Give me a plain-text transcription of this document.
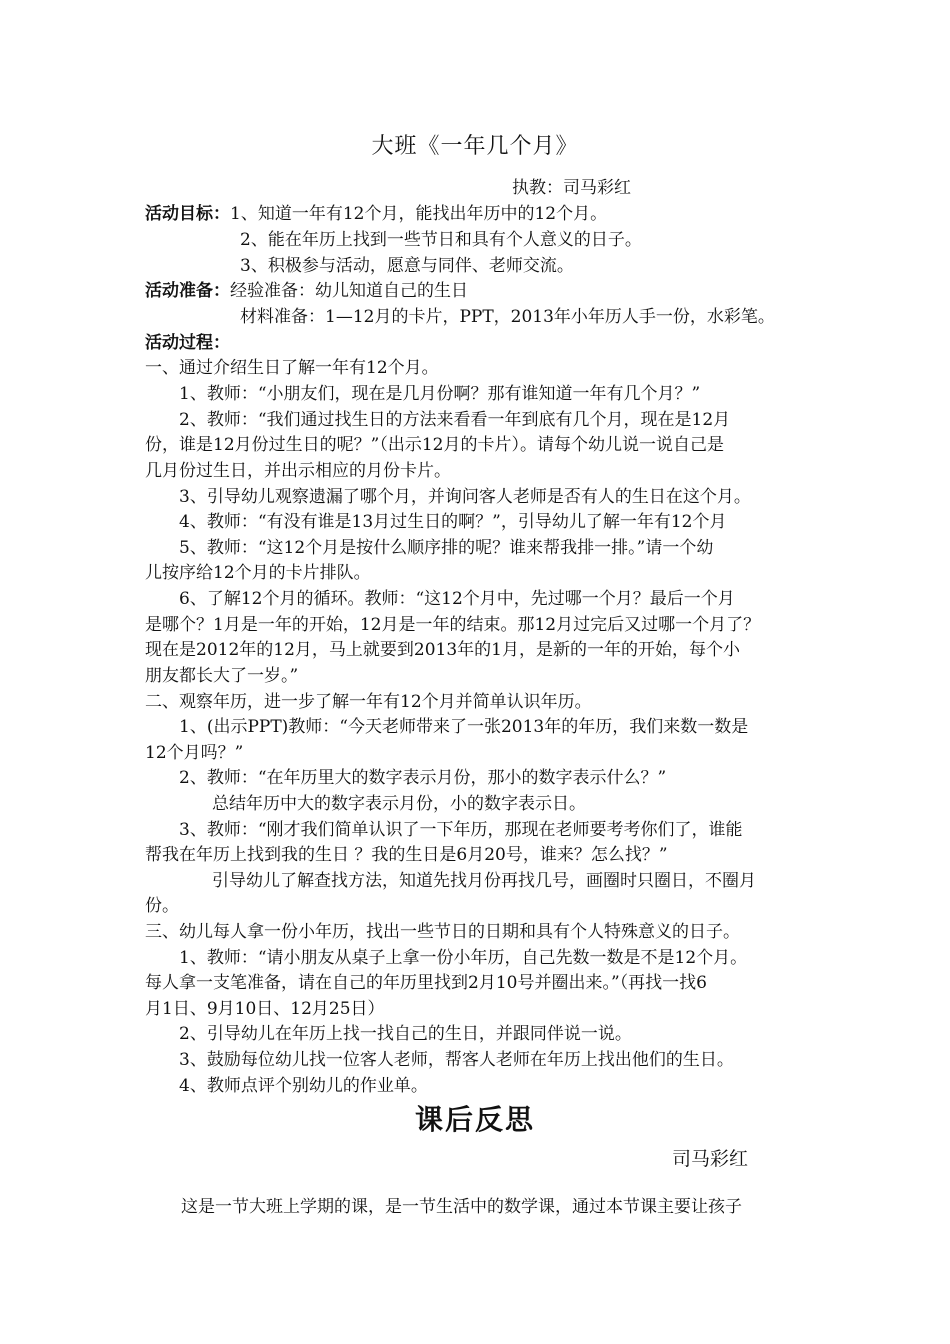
大班《一年几个月》
执教：司马彩红
活动目标：1、知道一年有12个月，能找出年历中的12个月。
2、能在年历上找到一些节日和具有个人意义的日子。
3、积极参与活动，愿意与同伴、老师交流。
活动准备：经验准备：幼儿知道自己的生日
材料准备：1—12月的卡片，PPT，2013年小年历人手一份，水彩笔。
活动过程：
一、通过介绍生日了解一年有12个月。
1、教师：“小朋友们，现在是几月份啊？那有谁知道一年有几个月？”
2、教师：“我们通过找生日的方法来看看一年到底有几个月，现在是12月
份，谁是12月份过生日的呢？”（出示12月的卡片）。请每个幼儿说一说自己是
几月份过生日，并出示相应的月份卡片。
3、引导幼儿观察遗漏了哪个月，并询问客人老师是否有人的生日在这个月。
4、教师：“有没有谁是13月过生日的啊？”，引导幼儿了解一年有12个月
5、教师：“这12个月是按什么顺序排的呢？谁来帮我排一排。”请一个幼
儿按序给12个月的卡片排队。
6、了解12个月的循环。教师：“这12个月中，先过哪一个月？最后一个月
是哪个？1月是一年的开始，12月是一年的结束。那12月过完后又过哪一个月了？
现在是2012年的12月，马上就要到2013年的1月，是新的一年的开始，每个小
朋友都长大了一岁。”
二、观察年历，进一步了解一年有12个月并简单认识年历。
1、(出示PPT)教师：“今天老师带来了一张2013年的年历，我们来数一数是
12个月吗？”
2、教师：“在年历里大的数字表示月份，那小的数字表示什么？”
总结年历中大的数字表示月份，小的数字表示日。
3、教师：“刚才我们简单认识了一下年历，那现在老师要考考你们了，谁能
帮我在年历上找到我的生日 ？我的生日是6月20号，谁来？怎么找？”
引导幼儿了解查找方法，知道先找月份再找几号，画圈时只圈日，不圈月
份。
三、幼儿每人拿一份小年历，找出一些节日的日期和具有个人特殊意义的日子。
1、教师：“请小朋友从桌子上拿一份小年历，自己先数一数是不是12个月。
每人拿一支笔准备，请在自己的年历里找到2月10号并圈出来。”（再找一找6
月1日、9月10日、12月25日）
2、引导幼儿在年历上找一找自己的生日，并跟同伴说一说。
3、鼓励每位幼儿找一位客人老师，帮客人老师在年历上找出他们的生日。
4、教师点评个别幼儿的作业单。
课后反思
司马彩红
这是一节大班上学期的课，是一节生活中的数学课，通过本节课主要让孩子
